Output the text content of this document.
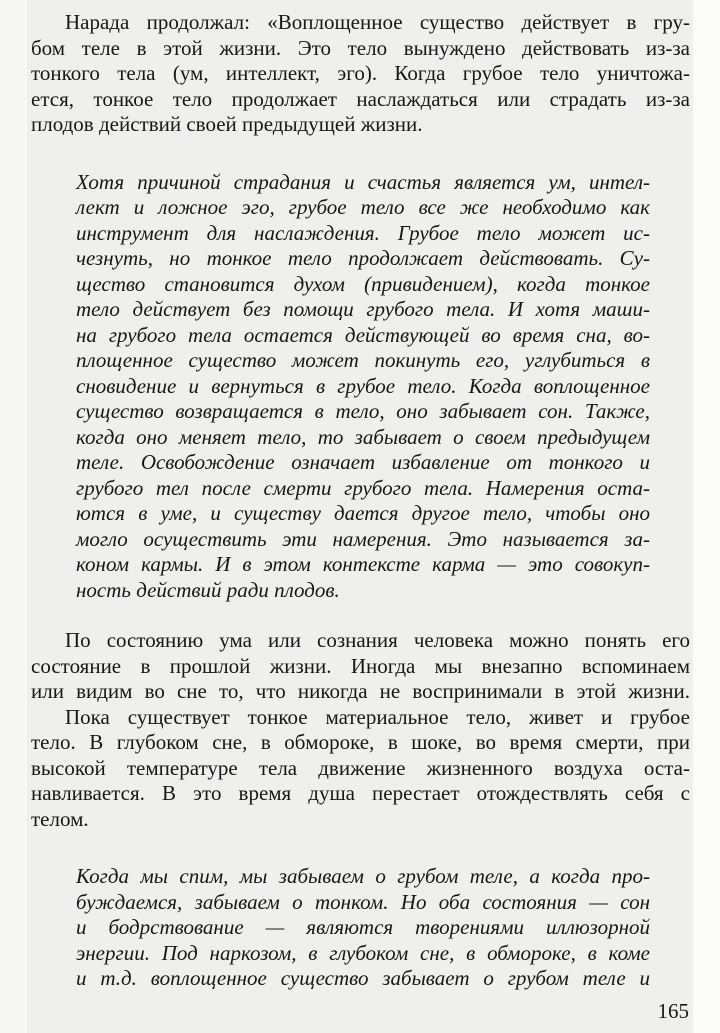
Нарада продолжал: «Воплощенное существо действует в гру-
бом теле в этой жизни. Это тело вынуждено действовать из-за
тонкого тела (ум, интеллект, эго). Когда грубое тело уничтожа-
ется, тонкое тело продолжает наслаждаться или страдать из-за
плодов действий своей предыдущей жизни.
Хотя причиной страдания и счастья является ум, интел-
лект и ложное эго, грубое тело все же необходимо как
инструмент для наслаждения. Грубое тело может ис-
чезнуть, но тонкое тело продолжает действовать. Су-
щество становится духом (привидением), когда тонкое
тело действует без помощи грубого тела. И хотя маши-
на грубого тела остается действующей во время сна, во-
площенное существо может покинуть его, углубиться в
сновидение и вернуться в грубое тело. Когда воплощенное
существо возвращается в тело, оно забывает сон. Также,
когда оно меняет тело, то забывает о своем предыдущем
теле. Освобождение означает избавление от тонкого и
грубого тел после смерти грубого тела. Намерения оста-
ются в уме, и существу дается другое тело, чтобы оно
могло осуществить эти намерения. Это называется за-
коном кармы. И в этом контексте карма — это совокуп-
ность действий ради плодов.
По состоянию ума или сознания человека можно понять его
состояние в прошлой жизни. Иногда мы внезапно вспоминаем
или видим во сне то, что никогда не воспринимали в этой жизни.
Пока существует тонкое материальное тело, живет и грубое
тело. В глубоком сне, в обмороке, в шоке, во время смерти, при
высокой температуре тела движение жизненного воздуха оста-
навливается. В это время душа перестает отождествлять себя с
телом.
Когда мы спим, мы забываем о грубом теле, а когда про-
буждаемся, забываем о тонком. Но оба состояния — сон
и бодрствование — являются творениями иллюзорной
энергии. Под наркозом, в глубоком сне, в обмороке, в коме
и т.д. воплощенное существо забывает о грубом теле и
165
